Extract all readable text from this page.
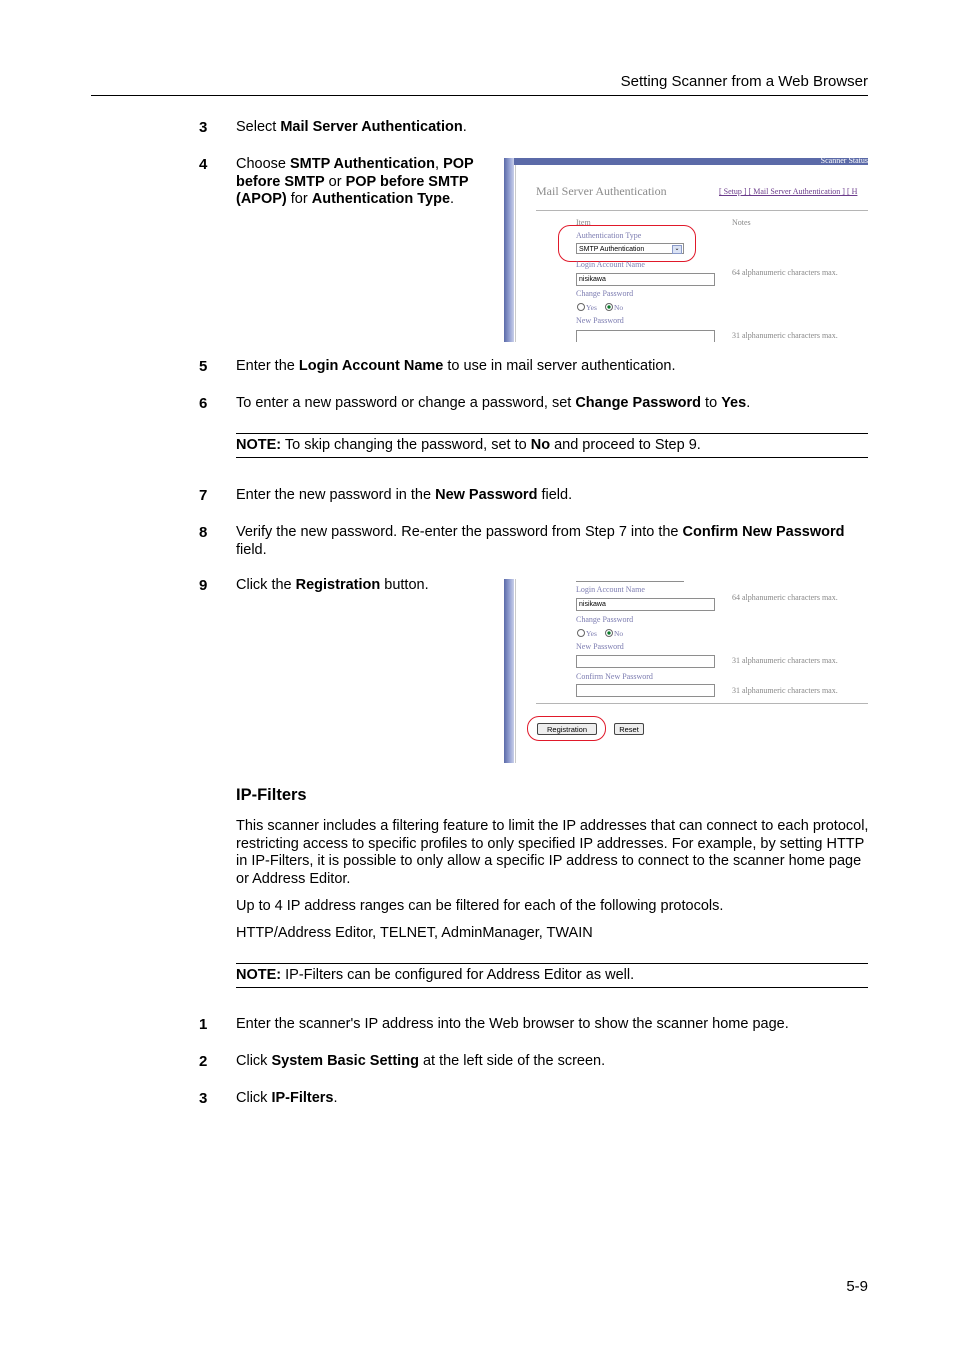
Setting Scanner from a Web Browser
3	Select Mail Server Authentication.
4	Choose SMTP Authentication, POP
before SMTP or POP before SMTP
(APOP) for Authentication Type.
Scanner Status
Mail Server Authentication	[ Setup ] [ Mail Server Authentication ] [ H
Item	Notes
Authentication Type
SMTP Authentication	⌄
Login Account Name
nisikawa
64 alphanumeric characters max.
Change Password
Yes	No
New Password
31 alphanumeric characters max.
5	Enter the Login Account Name to use in mail server authentication.
6	To enter a new password or change a password, set Change Password to Yes.
NOTE: To skip changing the password, set to No and proceed to Step 9.
7	Enter the new password in the New Password field.
8	Verify the new password. Re-enter the password from Step 7 into the Confirm New Password
field.
9	Click the Registration button.	Login Account Name
nisikawa
64 alphanumeric characters max.
Change Password
Yes	No
New Password
31 alphanumeric characters max.
Confirm New Password
31 alphanumeric characters max.
Registration	Reset
IP-Filters
This scanner includes a filtering feature to limit the IP addresses that can connect to each protocol, restricting access to specific profiles to only specified IP addresses. For example, by setting HTTP in IP-Filters, it is possible to only allow a specific IP address to connect to the scanner home page or Address Editor.
Up to 4 IP address ranges can be filtered for each of the following protocols.
HTTP/Address Editor, TELNET, AdminManager, TWAIN
NOTE: IP-Filters can be configured for Address Editor as well.
1	Enter the scanner's IP address into the Web browser to show the scanner home page.
2	Click System Basic Setting at the left side of the screen.
3	Click IP-Filters.
5-9
